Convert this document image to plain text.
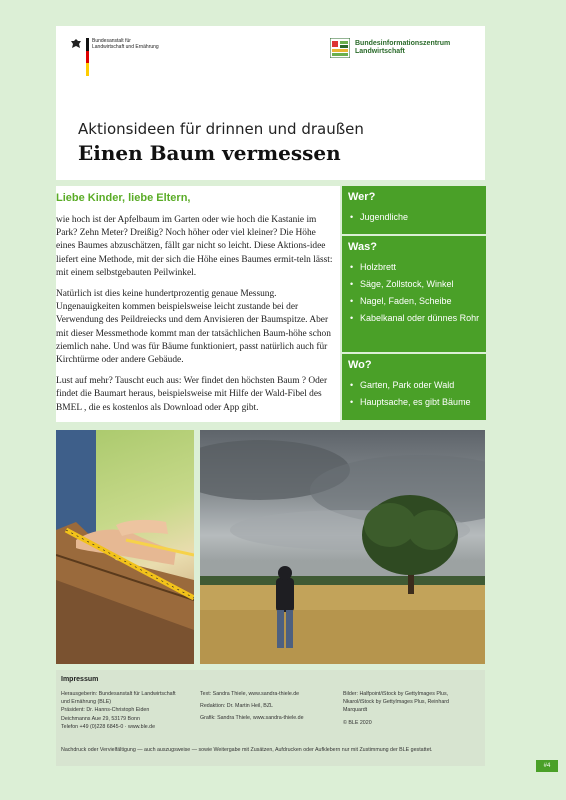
Bundesanstalt für
Landwirtschaft und Ernährung	Bundesinformationszentrum
Landwirtschaft
Aktionsideen für drinnen und draußen
Einen Baum vermessen
Liebe Kinder, liebe Eltern,

wie hoch ist der Apfelbaum im Garten oder wie hoch die Kastanie im Park? Zehn Meter? Dreißig? Noch höher oder viel kleiner? Die Höhe eines Baumes abzuschätzen, fällt gar nicht so leicht. Diese Aktions-idee liefert eine Methode, mit der sich die Höhe eines Baumes ermit-teln lässt: mit einem selbstgebauten Peilwinkel.

Natürlich ist dies keine hundertprozentig genaue Messung. Ungenauigkeiten kommen beispielsweise leicht zustande bei der Verwendung des Peildreiecks und dem Anvisieren der Baumspitze. Aber mit dieser Messmethode kommt man der tatsächlichen Baum-höhe schon ziemlich nahe. Und was für Bäume funktioniert, passt natürlich auch für Kirchtürme oder andere Gebäude.

Lust auf mehr? Tauscht euch aus: Wer findet den höchsten Baum ? Oder findet die Baumart heraus, beispielsweise mit Hilfe der Wald-Fibel des BMEL , die es kostenlos als Download oder App gibt.

Wer?
• Jugendliche
Was?
• Holzbrett
• Säge, Zollstock, Winkel
• Nagel, Faden, Scheibe
• Kabelkanal oder dünnes Rohr
Wo?
• Garten, Park oder Wald
• Hauptsache, es gibt Bäume
Impressum
Herausgeberin: Bundesanstalt für Landwirtschaft
und Ernährung (BLE)
Präsident: Dr. Hanns-Christoph Eiden
Deichmanns Aue 29, 53179 Bonn
Telefon +49 (0)228 6845-0 · www.ble.de
Text: Sandra Thiele, www.sandra-thiele.de
Redaktion: Dr. Martin Heil, BZL
Grafik: Sandra Thiele, www.sandra-thiele.de
Bilder: Halfpoint/iStock by GettyImages Plus,
Nkarol/iStock by GettyImages Plus, Reinhard
Marquardt
© BLE 2020
Nachdruck oder Vervielfältigung — auch auszugsweise — sowie Weitergabe mit Zusätzen, Aufdrucken oder Aufklebern nur mit Zustimmung der BLE gestattet.
#4
